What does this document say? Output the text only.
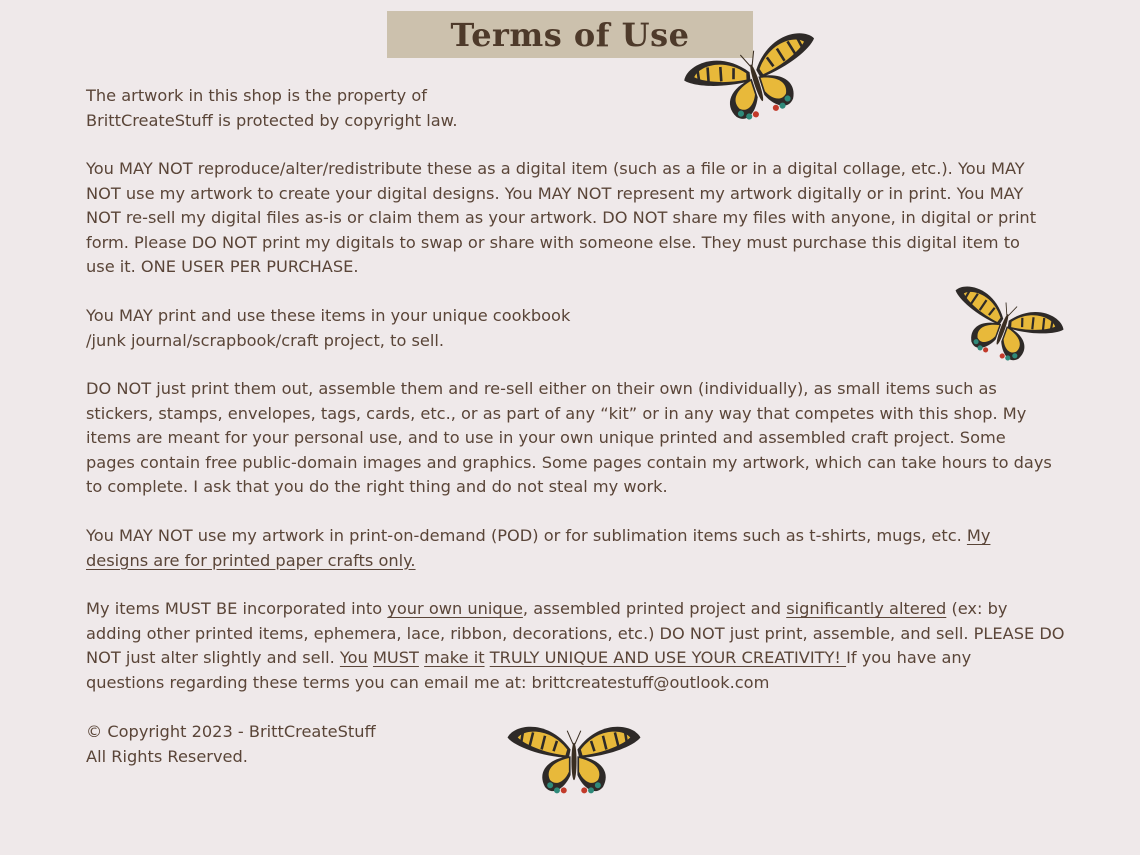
Terms of Use
The artwork in this shop is the property of
BrittCreateStuff is protected by copyright law.
You MAY NOT reproduce/alter/redistribute these as a digital item (such as a file or in a digital collage, etc.). You MAY
NOT use my artwork to create your digital designs. You MAY NOT represent my artwork digitally or in print. You MAY
NOT re-sell my digital files as-is or claim them as your artwork. DO NOT share my files with anyone, in digital or print
form. Please DO NOT print my digitals to swap or share with someone else. They must purchase this digital item to
use it. ONE USER PER PURCHASE.
You MAY print and use these items in your unique cookbook
/junk journal/scrapbook/craft project, to sell.
DO NOT just print them out, assemble them and re-sell either on their own (individually), as small items such as
stickers, stamps, envelopes, tags, cards, etc., or as part of any “kit” or in any way that competes with this shop. My
items are meant for your personal use, and to use in your own unique printed and assembled craft project. Some
pages contain free public-domain images and graphics. Some pages contain my artwork, which can take hours to days
to complete. I ask that you do the right thing and do not steal my work.
You MAY NOT use my artwork in print-on-demand (POD) or for sublimation items such as t-shirts, mugs, etc. My
designs are for printed paper crafts only.
My items MUST BE incorporated into your own unique, assembled printed project and significantly altered (ex: by
adding other printed items, ephemera, lace, ribbon, decorations, etc.) DO NOT just print, assemble, and sell. PLEASE DO
NOT just alter slightly and sell. You MUST make it TRULY UNIQUE AND USE YOUR CREATIVITY! If you have any
questions regarding these terms you can email me at: brittcreatestuff@outlook.com
© Copyright 2023 - BrittCreateStuff
All Rights Reserved.
